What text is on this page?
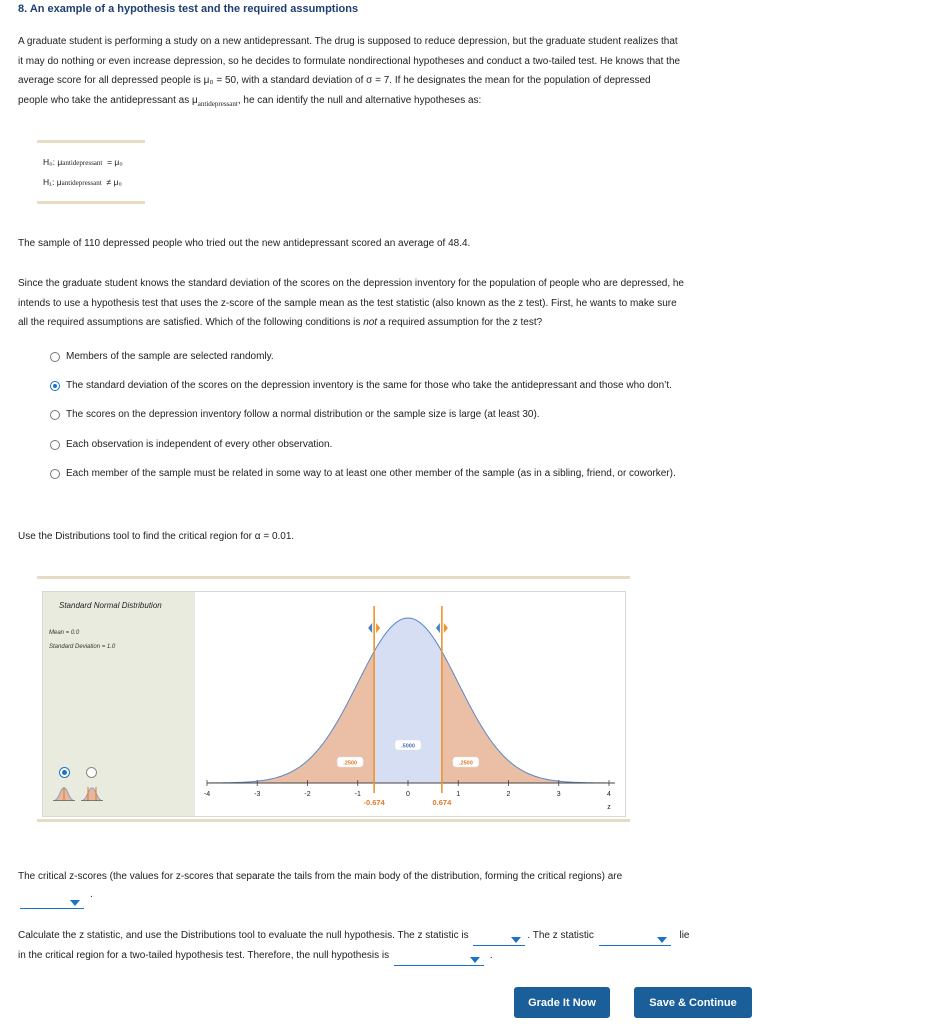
8. An example of a hypothesis test and the required assumptions
A graduate student is performing a study on a new antidepressant. The drug is supposed to reduce depression, but the graduate student realizes that
it may do nothing or even increase depression, so he decides to formulate nondirectional hypotheses and conduct a two-tailed test. He knows that the
average score for all depressed people is μ₀ = 50, with a standard deviation of σ = 7. If he designates the mean for the population of depressed
people who take the antidepressant as $\mu_{antidepressant}$, he can identify the null and alternative hypotheses as:
H₀: μantidepressant = μ₀
H₁: μantidepressant ≠ μ₀
The sample of 110 depressed people who tried out the new antidepressant scored an average of 48.4.
Since the graduate student knows the standard deviation of the scores on the depression inventory for the population of people who are depressed, he
intends to use a hypothesis test that uses the z-score of the sample mean as the test statistic (also known as the z test). First, he wants to make sure
all the required assumptions are satisfied. Which of the following conditions is not a required assumption for the z test?
Members of the sample are selected randomly.
The standard deviation of the scores on the depression inventory is the same for those who take the antidepressant and those who don’t.
The scores on the depression inventory follow a normal distribution or the sample size is large (at least 30).
Each observation is independent of every other observation.
Each member of the sample must be related in some way to at least one other member of the sample (as in a sibling, friend, or coworker).
Use the Distributions tool to find the critical region for α = 0.01.
Standard Normal Distribution
Mean = 0.0
Standard Deviation = 1.0
-4	-3	-2	-1	0	1	2	3	4
z
-0.674	0.674
.2500
.5000
.2500
The critical z-scores (the values for z-scores that separate the tails from the main body of the distribution, forming the critical regions) are
.
Calculate the z statistic, and use the Distributions tool to evaluate the null hypothesis. The z statistic is	. The z statistic	lie
in the critical region for a two-tailed hypothesis test. Therefore, the null hypothesis is	.
Grade It Now	Save & Continue
